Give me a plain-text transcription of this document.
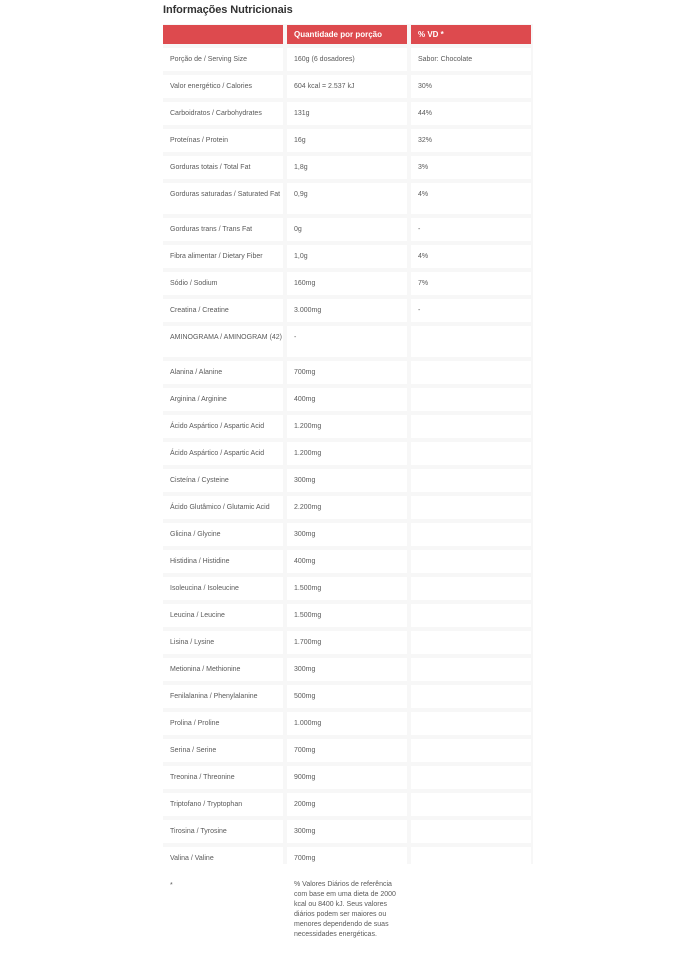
Informações Nutricionais
	Quantidade por porção	% VD *

Porção de / Serving Size	160g (6 dosadores)	Sabor: Chocolate

Valor energético / Calories	604 kcal = 2.537 kJ	30%

Carboidratos / Carbohydrates	131g	44%

Proteínas / Protein	16g	32%

Gorduras totais / Total Fat	1,8g	3%

Gorduras saturadas / Saturated Fat	0,9g	4%

Gorduras trans / Trans Fat	0g	-

Fibra alimentar / Dietary Fiber	1,0g	4%

Sódio / Sodium	160mg	7%

Creatina / Creatine	3.000mg	-

AMINOGRAMA / AMINOGRAM (42)	-	

Alanina / Alanine	700mg	

Arginina / Arginine	400mg	

Ácido Aspártico / Aspartic Acid	1.200mg	

Ácido Aspártico / Aspartic Acid	1.200mg	

Cisteína / Cysteine	300mg	

Ácido Glutâmico / Glutamic Acid	2.200mg	

Glicina / Glycine	300mg	

Histidina / Histidine	400mg	

Isoleucina / Isoleucine	1.500mg	

Leucina / Leucine	1.500mg	

Lisina / Lysine	1.700mg	

Metionina / Methionine	300mg	

Fenilalanina / Phenylalanine	500mg	

Prolina / Proline	1.000mg	

Serina / Serine	700mg	

Treonina / Threonine	900mg	

Triptofano / Tryptophan	200mg	

Tirosina / Tyrosine	300mg	

Valina / Valine	700mg	

*	% Valores Diários de referência com base em uma dieta de 2000 kcal ou 8400 kJ. Seus valores diários podem ser maiores ou menores dependendo de suas necessidades energéticas.	
